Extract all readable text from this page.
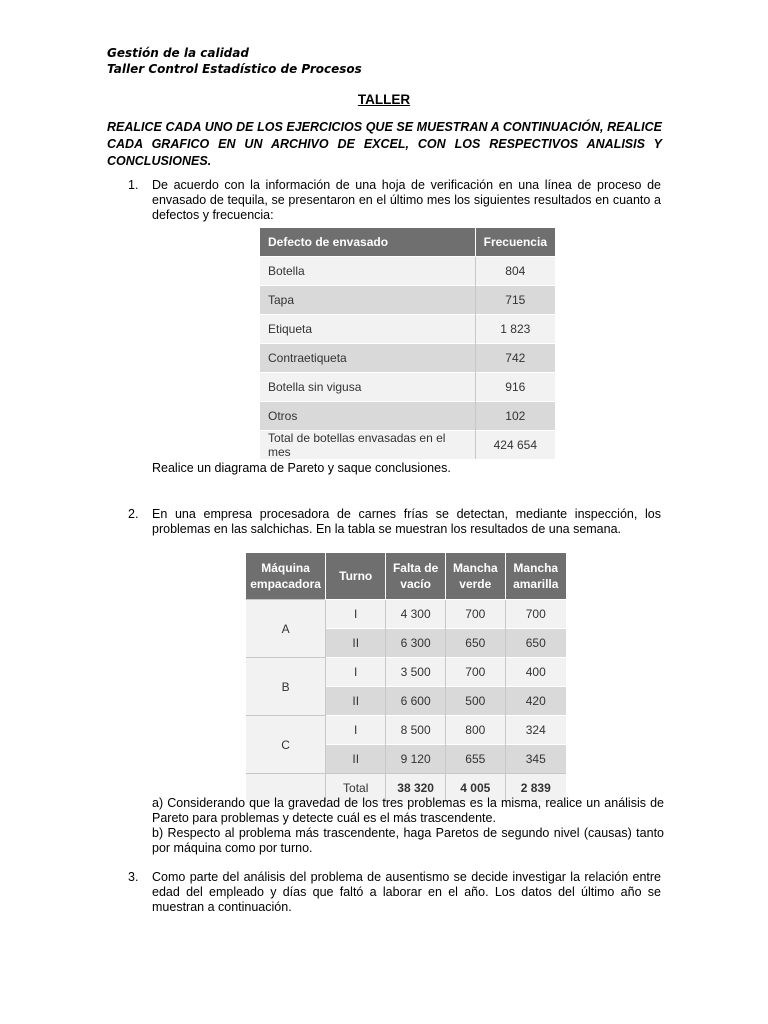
Gestión de la calidad
Taller Control Estadístico de Procesos
TALLER
REALICE CADA UNO DE LOS EJERCICIOS QUE SE MUESTRAN A CONTINUACIÓN, REALICE CADA GRAFICO EN UN ARCHIVO DE EXCEL, CON LOS RESPECTIVOS ANALISIS Y CONCLUSIONES.
1. De acuerdo con la información de una hoja de verificación en una línea de proceso de envasado de tequila, se presentaron en el último mes los siguientes resultados en cuanto a defectos y frecuencia:
Defecto de envasado	Frecuencia
Botella	804
Tapa	715
Etiqueta	1 823
Contraetiqueta	742
Botella sin vigusa	916
Otros	102
Total de botellas envasadas en el mes	424 654
Realice un diagrama de Pareto y saque conclusiones.
2. En una empresa procesadora de carnes frías se detectan, mediante inspección, los problemas en las salchichas. En la tabla se muestran los resultados de una semana.
Máquina empacadora	Turno	Falta de vacío	Mancha verde	Mancha amarilla
A	I	4 300	700	700
	II	6 300	650	650
B	I	3 500	700	400
	II	6 600	500	420
C	I	8 500	800	324
	II	9 120	655	345
	Total	38 320	4 005	2 839
a) Considerando que la gravedad de los tres problemas es la misma, realice un análisis de Pareto para problemas y detecte cuál es el más trascendente.
b) Respecto al problema más trascendente, haga Paretos de segundo nivel (causas) tanto por máquina como por turno.
3. Como parte del análisis del problema de ausentismo se decide investigar la relación entre edad del empleado y días que faltó a laborar en el año. Los datos del último año se muestran a continuación.
